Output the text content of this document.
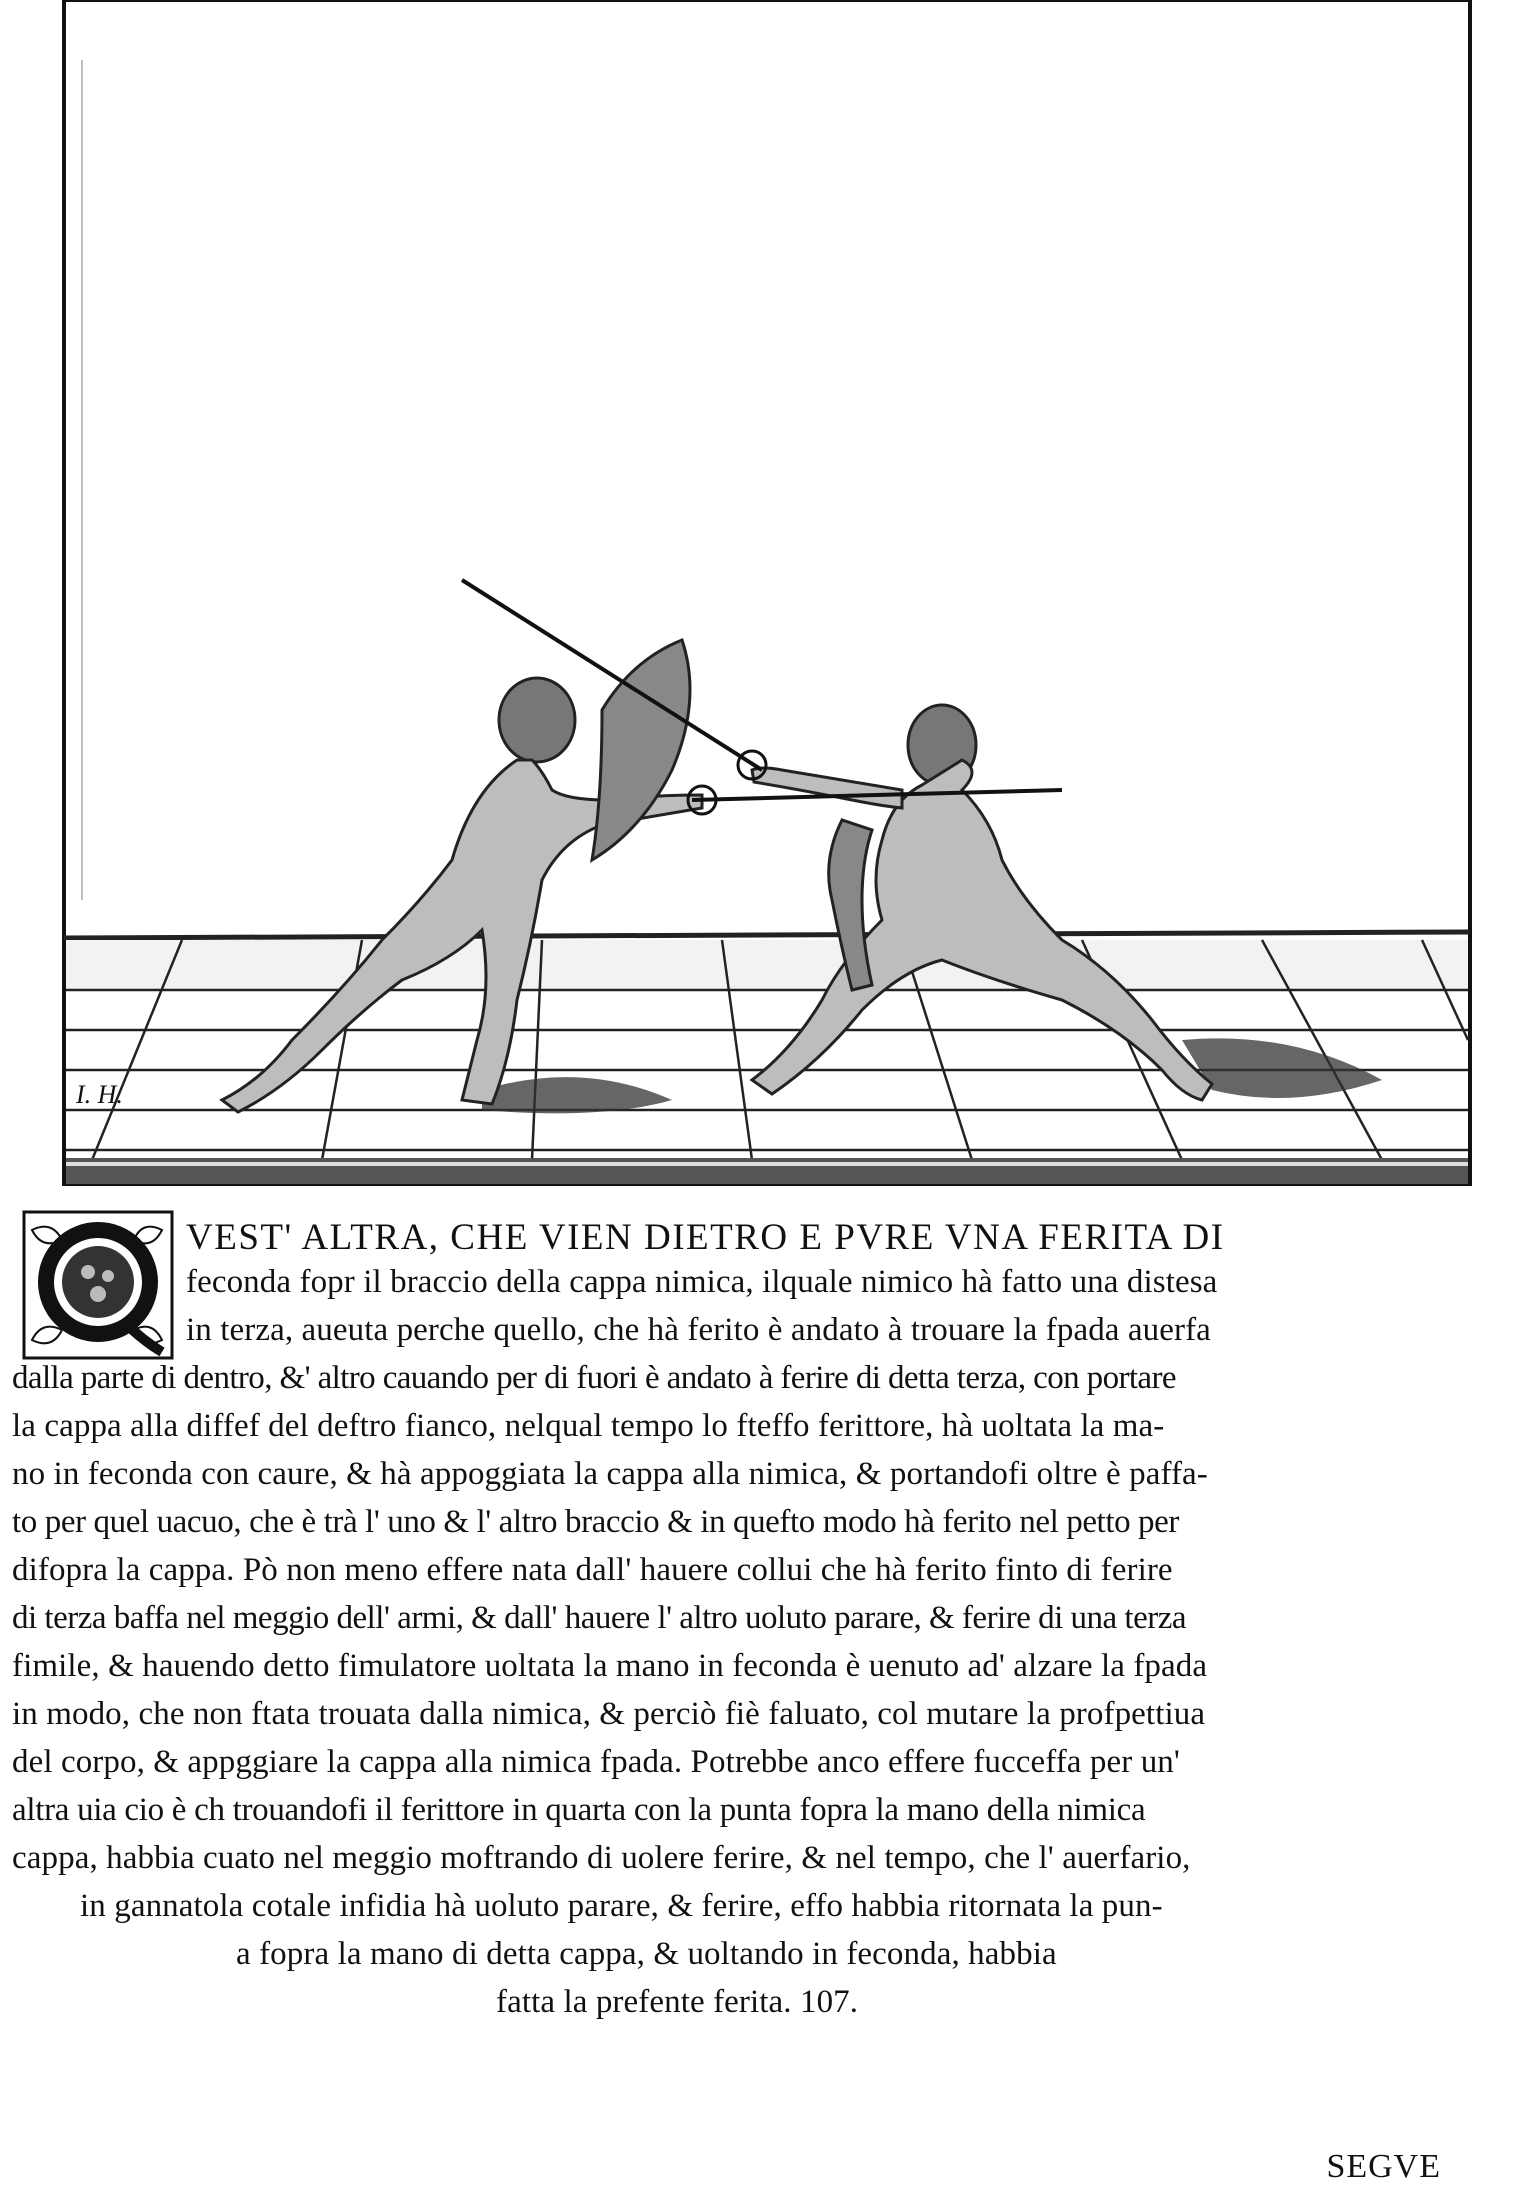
I. H.
VEST' ALTRA, CHE VIEN DIETRO E PVRE VNA FERITA DI
feconda fopr il braccio della cappa nimica, ilquale nimico hà fatto una distesa
in terza, aueuta perche quello, che hà ferito è andato à trouare la fpada auerfa
dalla parte di dentro, &' altro cauando per di fuori è andato à ferire di detta terza, con portare
la cappa alla diffef del deftro fianco, nelqual tempo lo fteffo ferittore, hà uoltata la ma-
no in feconda con caure, & hà appoggiata la cappa alla nimica, & portandofi oltre è paffa-
to per quel uacuo, che è trà l' uno & l' altro braccio & in quefto modo hà ferito nel petto per
difopra la cappa. Pò non meno effere nata dall' hauere collui che hà ferito finto di ferire
di terza baffa nel meggio dell' armi, & dall' hauere l' altro uoluto parare, & ferire di una terza
fimile, & hauendo detto fimulatore uoltata la mano in feconda è uenuto ad' alzare la fpada
in modo, che non ftata trouata dalla nimica, & perciò fiè faluato, col mutare la profpettiua
del corpo, & appggiare la cappa alla nimica fpada. Potrebbe anco effere fucceffa per un'
altra uia cio è ch trouandofi il ferittore in quarta con la punta fopra la mano della nimica
cappa, habbia cuato nel meggio moftrando di uolere ferire, & nel tempo, che l' auerfario,
in gannatola cotale infidia hà uoluto parare, & ferire, effo habbia ritornata la pun-
a fopra la mano di detta cappa, & uoltando in feconda, habbia
fatta la prefente ferita. 107.
SEGVE
